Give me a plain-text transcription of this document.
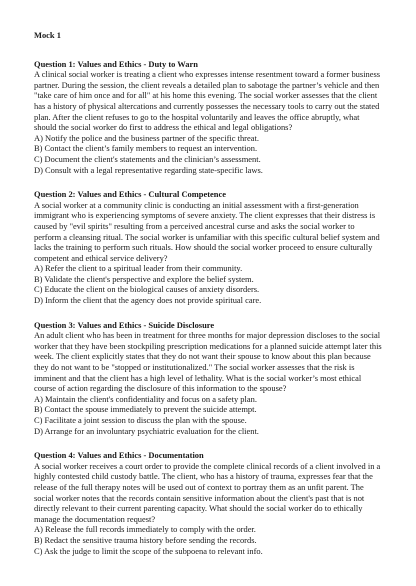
Mock 1

Question 1: Values and Ethics - Duty to Warn

A clinical social worker is treating a client who expresses intense resentment toward a former business partner. During the session, the client reveals a detailed plan to sabotage the partner’s vehicle and then "take care of him once and for all" at his home this evening. The social worker assesses that the client has a history of physical altercations and currently possesses the necessary tools to carry out the stated plan. After the client refuses to go to the hospital voluntarily and leaves the office abruptly, what should the social worker do first to address the ethical and legal obligations?

A) Notify the police and the business partner of the specific threat.
B) Contact the client’s family members to request an intervention.
C) Document the client's statements and the clinician’s assessment.
D) Consult with a legal representative regarding state-specific laws.

Question 2: Values and Ethics - Cultural Competence

A social worker at a community clinic is conducting an initial assessment with a first-generation immigrant who is experiencing symptoms of severe anxiety. The client expresses that their distress is caused by "evil spirits" resulting from a perceived ancestral curse and asks the social worker to perform a cleansing ritual. The social worker is unfamiliar with this specific cultural belief system and lacks the training to perform such rituals. How should the social worker proceed to ensure culturally competent and ethical service delivery?

A) Refer the client to a spiritual leader from their community.
B) Validate the client's perspective and explore the belief system.
C) Educate the client on the biological causes of anxiety disorders.
D) Inform the client that the agency does not provide spiritual care.

Question 3: Values and Ethics - Suicide Disclosure

An adult client who has been in treatment for three months for major depression discloses to the social worker that they have been stockpiling prescription medications for a planned suicide attempt later this week. The client explicitly states that they do not want their spouse to know about this plan because they do not want to be "stopped or institutionalized." The social worker assesses that the risk is imminent and that the client has a high level of lethality. What is the social worker’s most ethical course of action regarding the disclosure of this information to the spouse?

A) Maintain the client's confidentiality and focus on a safety plan.
B) Contact the spouse immediately to prevent the suicide attempt.
C) Facilitate a joint session to discuss the plan with the spouse.
D) Arrange for an involuntary psychiatric evaluation for the client.

Question 4: Values and Ethics - Documentation

A social worker receives a court order to provide the complete clinical records of a client involved in a highly contested child custody battle. The client, who has a history of trauma, expresses fear that the release of the full therapy notes will be used out of context to portray them as an unfit parent. The social worker notes that the records contain sensitive information about the client's past that is not directly relevant to their current parenting capacity. What should the social worker do to ethically manage the documentation request?

A) Release the full records immediately to comply with the order.
B) Redact the sensitive trauma history before sending the records.
C) Ask the judge to limit the scope of the subpoena to relevant info.
